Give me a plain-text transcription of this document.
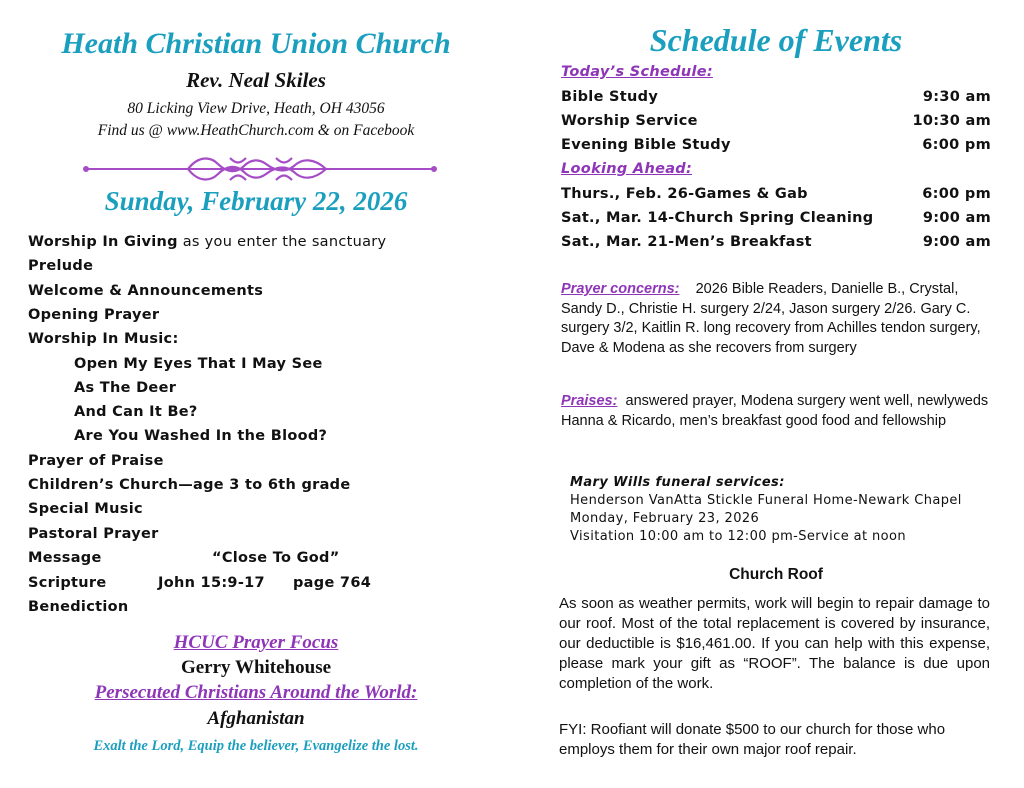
Heath Christian Union Church
Rev. Neal Skiles
80 Licking View Drive, Heath, OH 43056
Find us @ www.HeathChurch.com & on Facebook
Sunday, February 22, 2026
Worship In Giving as you enter the sanctuary
Prelude
Welcome & Announcements
Opening Prayer
Worship In Music:
Open My Eyes That I May See
As The Deer
And Can It Be?
Are You Washed In the Blood?
Prayer of Praise
Children’s Church—age 3 to 6th grade
Special Music
Pastoral Prayer
Message	“Close To God”
Scripture	John 15:9-17 page 764
Benediction
HCUC Prayer Focus
Gerry Whitehouse
Persecuted Christians Around the World:
Afghanistan
Exalt the Lord, Equip the believer, Evangelize the lost.
Schedule of Events
Today’s Schedule:
Bible Study	9:30 am
Worship Service	10:30 am
Evening Bible Study	6:00 pm
Looking Ahead:
Thurs., Feb. 26-Games & Gab	6:00 pm
Sat., Mar. 14-Church Spring Cleaning	9:00 am
Sat., Mar. 21-Men’s Breakfast	9:00 am
Prayer concerns: 2026 Bible Readers, Danielle B., Crystal, Sandy D., Christie H. surgery 2/24, Jason surgery 2/26. Gary C. surgery 3/2, Kaitlin R. long recovery from Achilles tendon surgery, Dave & Modena as she recovers from surgery
Praises: answered prayer, Modena surgery went well, newlyweds Hanna & Ricardo, men’s breakfast good food and fellowship
Mary Wills funeral services:
Henderson VanAtta Stickle Funeral Home-Newark Chapel
Monday, February 23, 2026
Visitation 10:00 am to 12:00 pm-Service at noon
Church Roof
As soon as weather permits, work will begin to repair damage to our roof. Most of the total replacement is covered by insurance, our deductible is $16,461.00. If you can help with this expense, please mark your gift as “ROOF”. The balance is due upon completion of the work.
FYI: Roofiant will donate $500 to our church for those who employs them for their own major roof repair.
